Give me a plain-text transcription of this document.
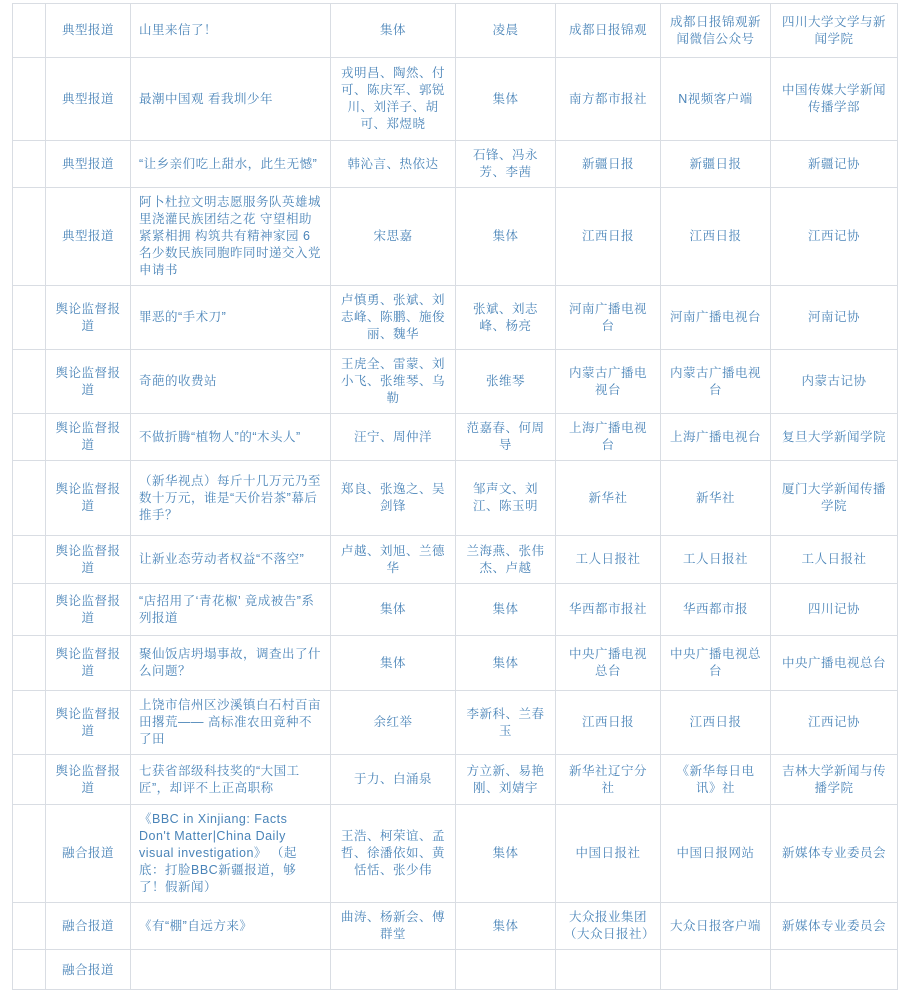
	典型报道	山里来信了！	集体	凌晨	成都日报锦观	成都日报锦观新闻微信公众号	四川大学文学与新闻学院
	典型报道	最潮中国观 看我圳少年	戎明昌、陶然、付可、陈庆军、郭锐川、刘洋子、胡可、郑煜晓	集体	南方都市报社	N视频客户端	中国传媒大学新闻传播学部
	典型报道	“让乡亲们吃上甜水，此生无憾”	韩沁言、热依达	石锋、冯永芳、李茜	新疆日报	新疆日报	新疆记协
	典型报道	阿卜杜拉文明志愿服务队英雄城里浇灌民族团结之花 守望相助紧紧相拥 构筑共有精神家园 6名少数民族同胞昨同时递交入党申请书	宋思嘉	集体	江西日报	江西日报	江西记协
	舆论监督报道	罪恶的“手术刀”	卢慎勇、张斌、刘志峰、陈鹏、施俊丽、魏华	张斌、刘志峰、杨亮	河南广播电视台	河南广播电视台	河南记协
	舆论监督报道	奇葩的收费站	王虎全、雷蒙、刘小飞、张维琴、乌勒	张维琴	内蒙古广播电视台	内蒙古广播电视台	内蒙古记协
	舆论监督报道	不做折腾“植物人”的“木头人”	汪宁、周仲洋	范嘉春、何周导	上海广播电视台	上海广播电视台	复旦大学新闻学院
	舆论监督报道	（新华视点）每斤十几万元乃至数十万元，谁是“天价岩茶”幕后推手？	郑良、张逸之、吴剑锋	邹声文、刘江、陈玉明	新华社	新华社	厦门大学新闻传播学院
	舆论监督报道	让新业态劳动者权益“不落空”	卢越、刘旭、兰德华	兰海燕、张伟杰、卢越	工人日报社	工人日报社	工人日报社
	舆论监督报道	“店招用了‘青花椒’ 竟成被告”系列报道	集体	集体	华西都市报社	华西都市报	四川记协
	舆论监督报道	聚仙饭店坍塌事故，调查出了什么问题？	集体	集体	中央广播电视总台	中央广播电视总台	中央广播电视总台
	舆论监督报道	上饶市信州区沙溪镇白石村百亩田撂荒—— 高标准农田竟种不了田	余红举	李新科、兰春玉	江西日报	江西日报	江西记协
	舆论监督报道	七获省部级科技奖的“大国工匠”，却评不上正高职称	于力、白涌泉	方立新、易艳刚、刘婧宇	新华社辽宁分社	《新华每日电讯》社	吉林大学新闻与传播学院
	融合报道	《BBC in Xinjiang: Facts Don't Matter|China Daily visual investigation》 （起底：打脸BBC新疆报道，够了！假新闻）	王浩、柯荣谊、孟哲、徐潘依如、黄恬恬、张少伟	集体	中国日报社	中国日报网站	新媒体专业委员会
	融合报道	《有“棚”自远方来》	曲涛、杨新会、傅群堂	集体	大众报业集团（大众日报社）	大众日报客户端	新媒体专业委员会
	融合报道						
